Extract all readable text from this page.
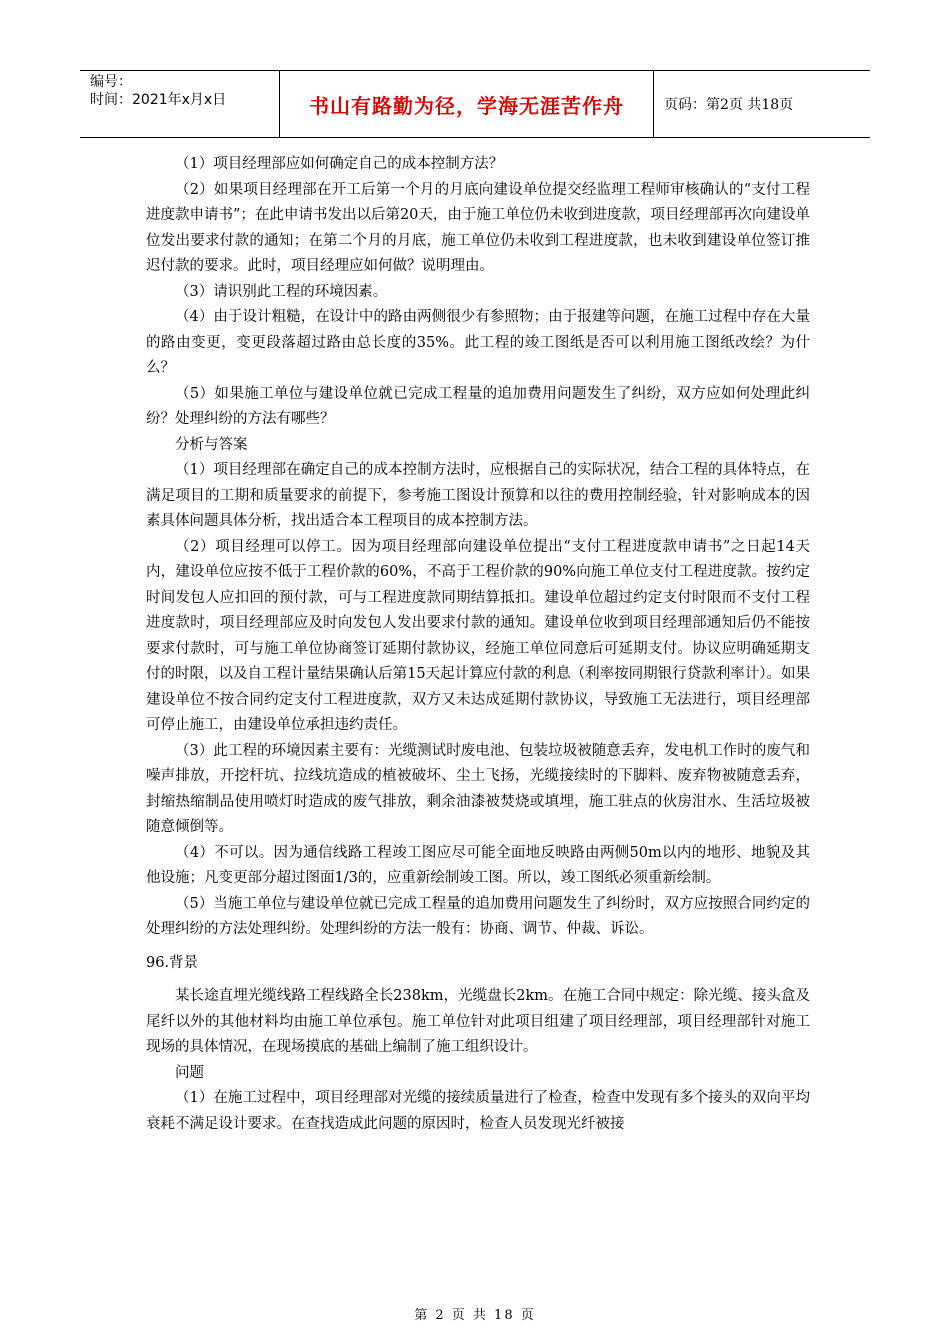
编号：
时间：2021年x月x日	书山有路勤为径，学海无涯苦作舟	页码：第2页 共18页

（1）项目经理部应如何确定自己的成本控制方法？

（2）如果项目经理部在开工后第一个月的月底向建设单位提交经监理工程师审核确认的“支付工程进度款申请书”；在此申请书发出以后第20天，由于施工单位仍未收到进度款，项目经理部再次向建设单位发出要求付款的通知；在第二个月的月底，施工单位仍未收到工程进度款，也未收到建设单位签订推迟付款的要求。此时，项目经理应如何做？说明理由。

（3）请识别此工程的环境因素。

（4）由于设计粗糙，在设计中的路由两侧很少有参照物；由于报建等问题，在施工过程中存在大量的路由变更，变更段落超过路由总长度的35%。此工程的竣工图纸是否可以利用施工图纸改绘？为什么？

（5）如果施工单位与建设单位就已完成工程量的追加费用问题发生了纠纷，双方应如何处理此纠纷？处理纠纷的方法有哪些？

分析与答案

（1）项目经理部在确定自己的成本控制方法时，应根据自己的实际状况，结合工程的具体特点，在满足项目的工期和质量要求的前提下，参考施工图设计预算和以往的费用控制经验，针对影响成本的因素具体问题具体分析，找出适合本工程项目的成本控制方法。

（2）项目经理可以停工。因为项目经理部向建设单位提出“支付工程进度款申请书”之日起14天内，建设单位应按不低于工程价款的60%，不高于工程价款的90%向施工单位支付工程进度款。按约定时间发包人应扣回的预付款，可与工程进度款同期结算抵扣。建设单位超过约定支付时限而不支付工程进度款时，项目经理部应及时向发包人发出要求付款的通知。建设单位收到项目经理部通知后仍不能按要求付款时，可与施工单位协商签订延期付款协议，经施工单位同意后可延期支付。协议应明确延期支付的时限，以及自工程计量结果确认后第15天起计算应付款的利息（利率按同期银行贷款利率计）。如果建设单位不按合同约定支付工程进度款，双方又未达成延期付款协议，导致施工无法进行，项目经理部可停止施工，由建设单位承担违约责任。

（3）此工程的环境因素主要有：光缆测试时废电池、包装垃圾被随意丢弃，发电机工作时的废气和噪声排放，开挖杆坑、拉线坑造成的植被破坏、尘土飞扬，光缆接续时的下脚料、废弃物被随意丢弃，封缩热缩制品使用喷灯时造成的废气排放，剩余油漆被焚烧或填埋，施工驻点的伙房泔水、生活垃圾被随意倾倒等。

（4）不可以。因为通信线路工程竣工图应尽可能全面地反映路由两侧50m以内的地形、地貌及其他设施；凡变更部分超过图面1/3的，应重新绘制竣工图。所以，竣工图纸必须重新绘制。

（5）当施工单位与建设单位就已完成工程量的追加费用问题发生了纠纷时，双方应按照合同约定的处理纠纷的方法处理纠纷。处理纠纷的方法一般有：协商、调节、仲裁、诉讼。

96.背景

某长途直埋光缆线路工程线路全长238km，光缆盘长2km。在施工合同中规定：除光缆、接头盒及尾纤以外的其他材料均由施工单位承包。施工单位针对此项目组建了项目经理部，项目经理部针对施工现场的具体情况，在现场摸底的基础上编制了施工组织设计。

问题

（1）在施工过程中，项目经理部对光缆的接续质量进行了检查，检查中发现有多个接头的双向平均衰耗不满足设计要求。在查找造成此问题的原因时，检查人员发现光纤被接

第 2 页 共 18 页
